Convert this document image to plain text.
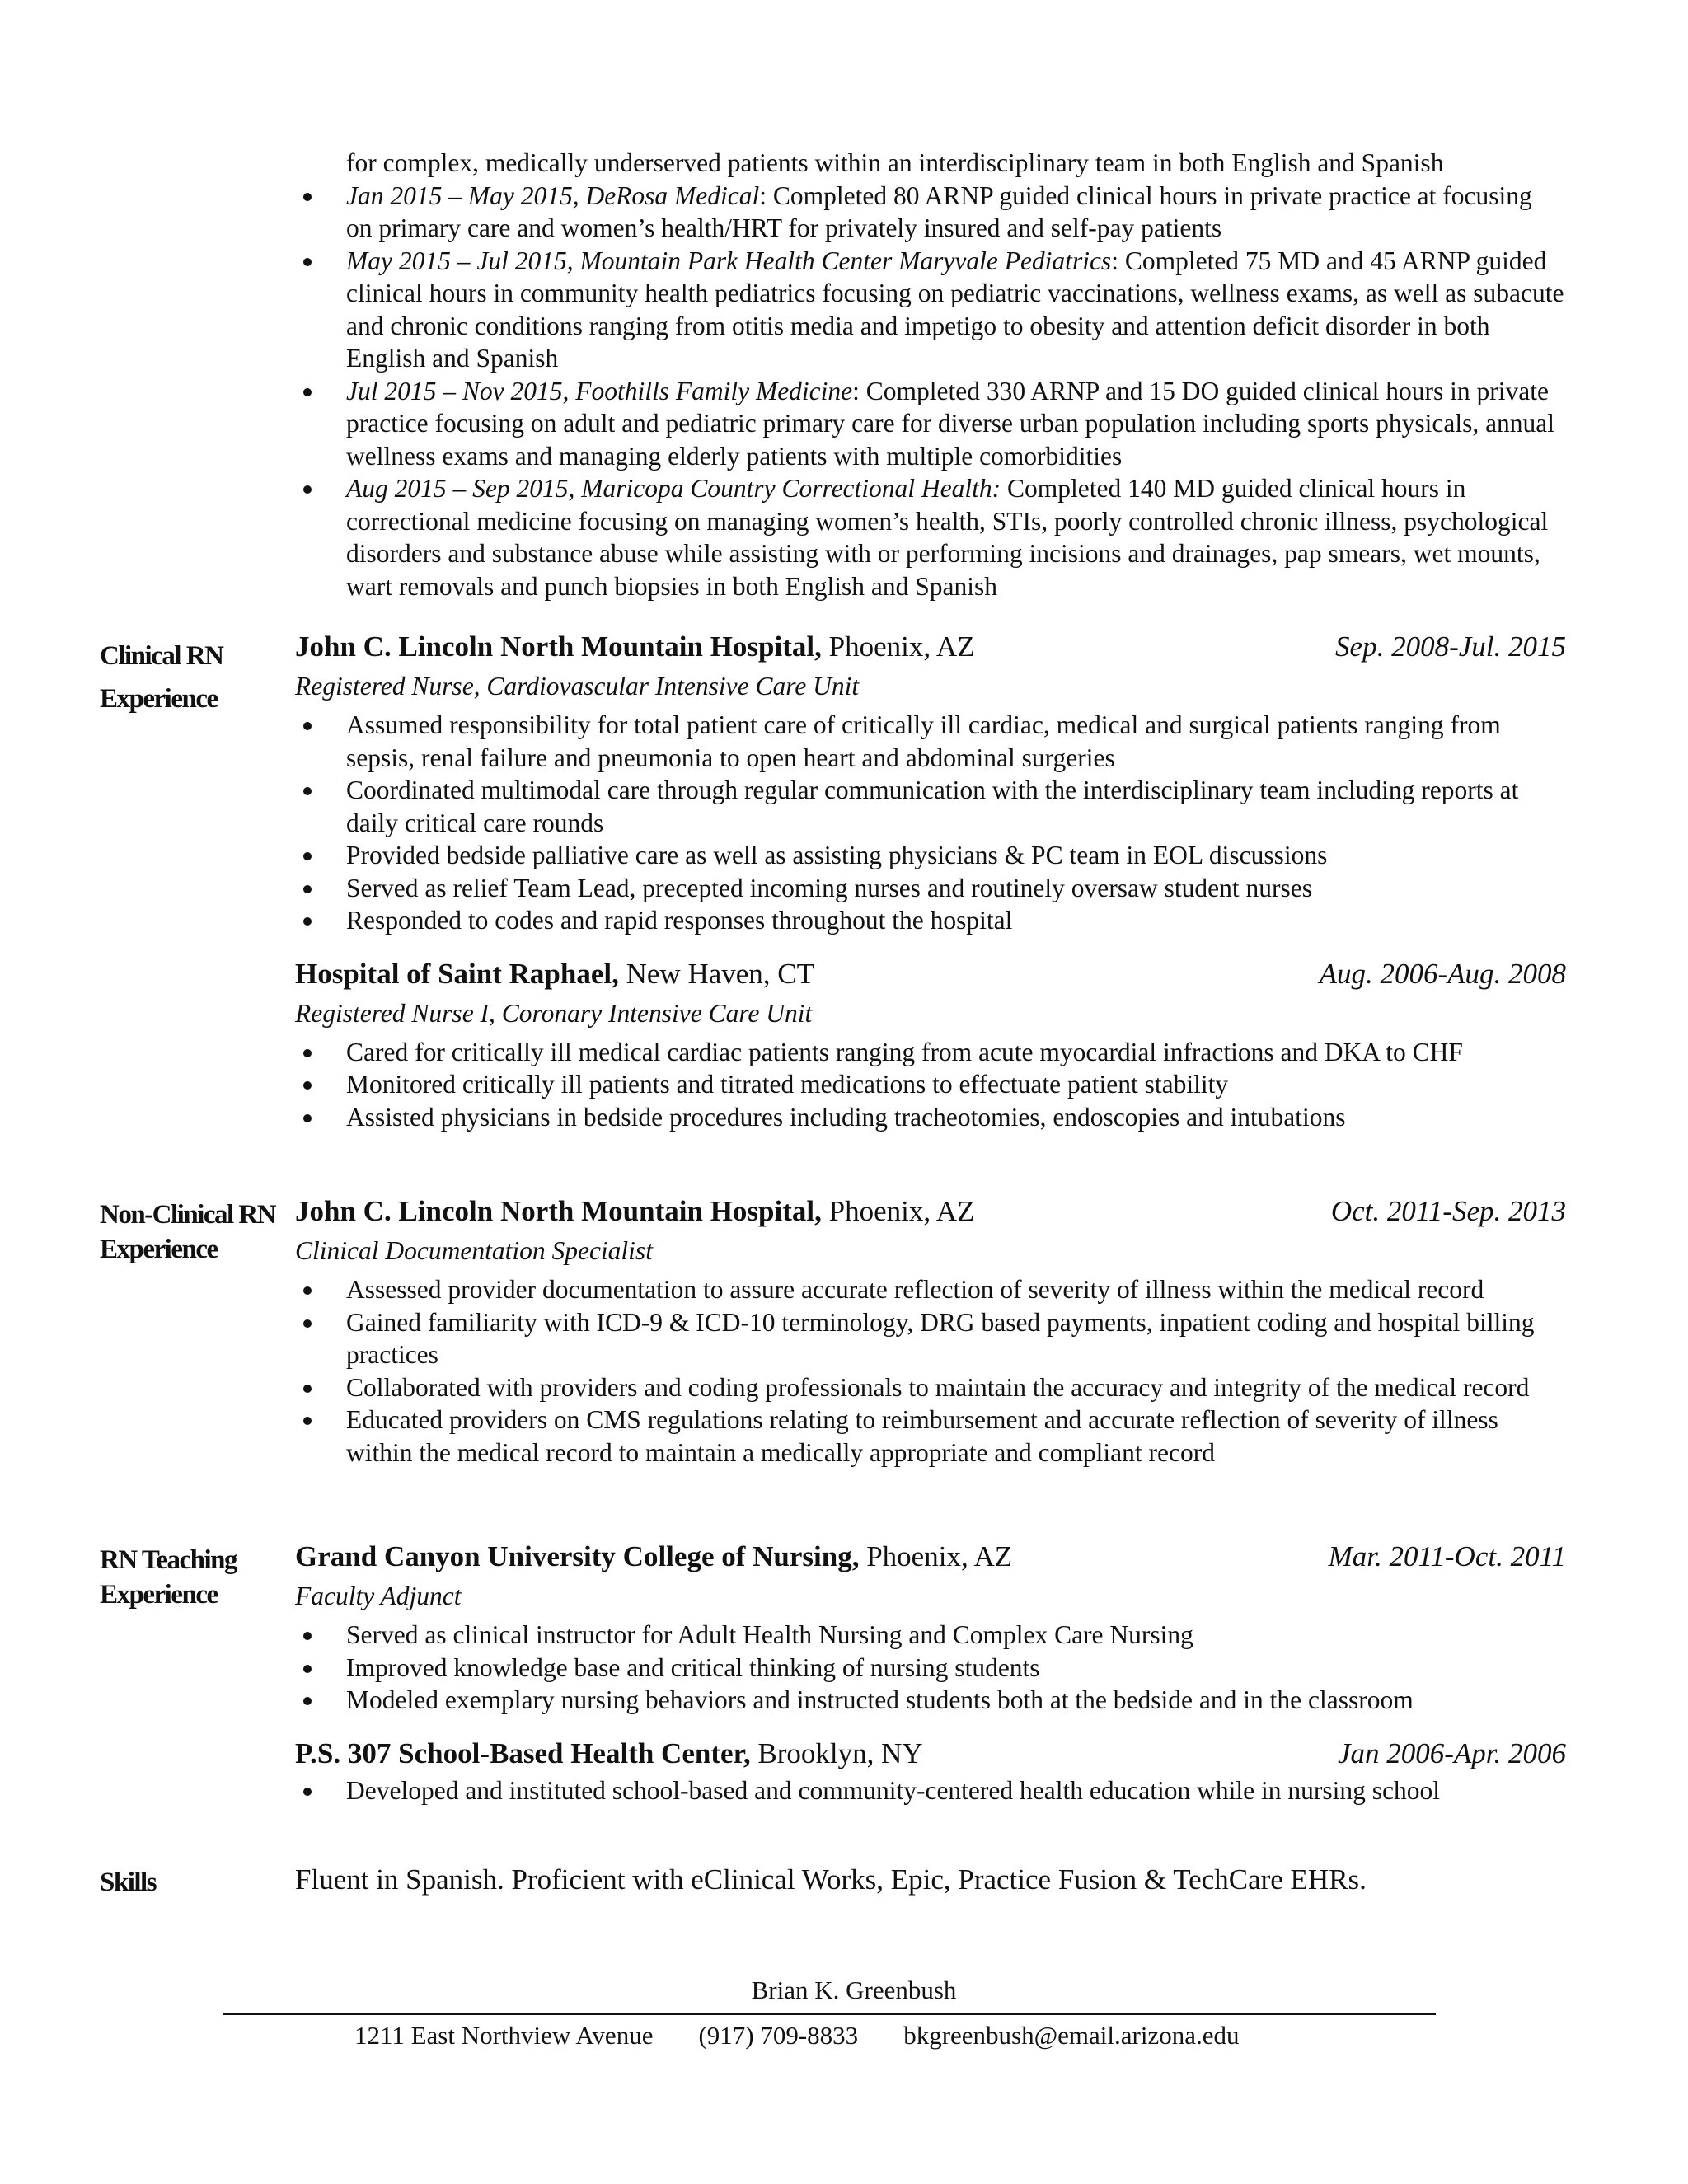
for complex, medically underserved patients within an interdisciplinary team in both English and Spanish
Jan 2015 – May 2015, DeRosa Medical: Completed 80 ARNP guided clinical hours in private practice at focusing on primary care and women’s health/HRT for privately insured and self-pay patients
May 2015 – Jul 2015, Mountain Park Health Center Maryvale Pediatrics: Completed 75 MD and 45 ARNP guided clinical hours in community health pediatrics focusing on pediatric vaccinations, wellness exams, as well as subacute and chronic conditions ranging from otitis media and impetigo to obesity and attention deficit disorder in both English and Spanish
Jul 2015 – Nov 2015, Foothills Family Medicine: Completed 330 ARNP and 15 DO guided clinical hours in private practice focusing on adult and pediatric primary care for diverse urban population including sports physicals, annual wellness exams and managing elderly patients with multiple comorbidities
Aug 2015 – Sep 2015, Maricopa Country Correctional Health: Completed 140 MD guided clinical hours in correctional medicine focusing on managing women’s health, STIs, poorly controlled chronic illness, psychological disorders and substance abuse while assisting with or performing incisions and drainages, pap smears, wet mounts, wart removals and punch biopsies in both English and Spanish
Clinical RN Experience
John C. Lincoln North Mountain Hospital, Phoenix, AZ	Sep. 2008-Jul. 2015
Registered Nurse, Cardiovascular Intensive Care Unit
Assumed responsibility for total patient care of critically ill cardiac, medical and surgical patients ranging from sepsis, renal failure and pneumonia to open heart and abdominal surgeries
Coordinated multimodal care through regular communication with the interdisciplinary team including reports at daily critical care rounds
Provided bedside palliative care as well as assisting physicians & PC team in EOL discussions
Served as relief Team Lead, precepted incoming nurses and routinely oversaw student nurses
Responded to codes and rapid responses throughout the hospital
Hospital of Saint Raphael, New Haven, CT	Aug. 2006-Aug. 2008
Registered Nurse I, Coronary Intensive Care Unit
Cared for critically ill medical cardiac patients ranging from acute myocardial infractions and DKA to CHF
Monitored critically ill patients and titrated medications to effectuate patient stability
Assisted physicians in bedside procedures including tracheotomies, endoscopies and intubations
Non-Clinical RN Experience
John C. Lincoln North Mountain Hospital, Phoenix, AZ	Oct. 2011-Sep. 2013
Clinical Documentation Specialist
Assessed provider documentation to assure accurate reflection of severity of illness within the medical record
Gained familiarity with ICD-9 & ICD-10 terminology, DRG based payments, inpatient coding and hospital billing practices
Collaborated with providers and coding professionals to maintain the accuracy and integrity of the medical record
Educated providers on CMS regulations relating to reimbursement and accurate reflection of severity of illness within the medical record to maintain a medically appropriate and compliant record
RN Teaching Experience
Grand Canyon University College of Nursing, Phoenix, AZ	Mar. 2011-Oct. 2011
Faculty Adjunct
Served as clinical instructor for Adult Health Nursing and Complex Care Nursing
Improved knowledge base and critical thinking of nursing students
Modeled exemplary nursing behaviors and instructed students both at the bedside and in the classroom
P.S. 307 School-Based Health Center, Brooklyn, NY	Jan 2006-Apr. 2006
Developed and instituted school-based and community-centered health education while in nursing school
Skills	Fluent in Spanish. Proficient with eClinical Works, Epic, Practice Fusion & TechCare EHRs.
Brian K. Greenbush
1211 East Northview Avenue (917) 709-8833 bkgreenbush@email.arizona.edu
